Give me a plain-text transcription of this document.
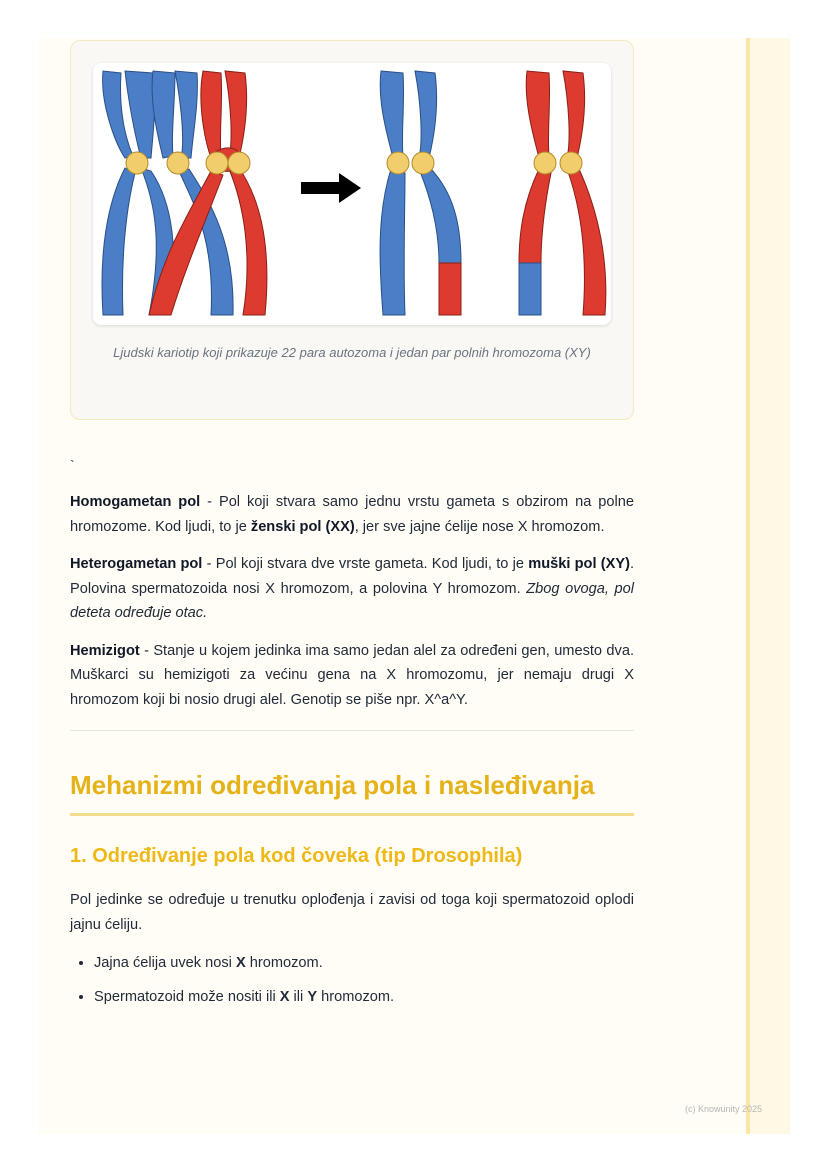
Ljudski kariotip koji prikazuje 22 para autozoma i jedan par polnih hromozoma (XY)
`

Homogametan pol - Pol koji stvara samo jednu vrstu gameta s obzirom na polne hromozome. Kod ljudi, to je ženski pol (XX), jer sve jajne ćelije nose X hromozom.

Heterogametan pol - Pol koji stvara dve vrste gameta. Kod ljudi, to je muški pol (XY). Polovina spermatozoida nosi X hromozom, a polovina Y hromozom. Zbog ovoga, pol deteta određuje otac.

Hemizigot - Stanje u kojem jedinka ima samo jedan alel za određeni gen, umesto dva. Muškarci su hemizigoti za većinu gena na X hromozomu, jer nemaju drugi X hromozom koji bi nosio drugi alel. Genotip se piše npr. X^a^Y.

Mehanizmi određivanja pola i nasleđivanja
1. Određivanje pola kod čoveka (tip Drosophila)

Pol jedinke se određuje u trenutku oplođenja i zavisi od toga koji spermatozoid oplodi jajnu ćeliju.

• Jajna ćelija uvek nosi X hromozom.
• Spermatozoid može nositi ili X ili Y hromozom.
(c) Knowunity 2025
